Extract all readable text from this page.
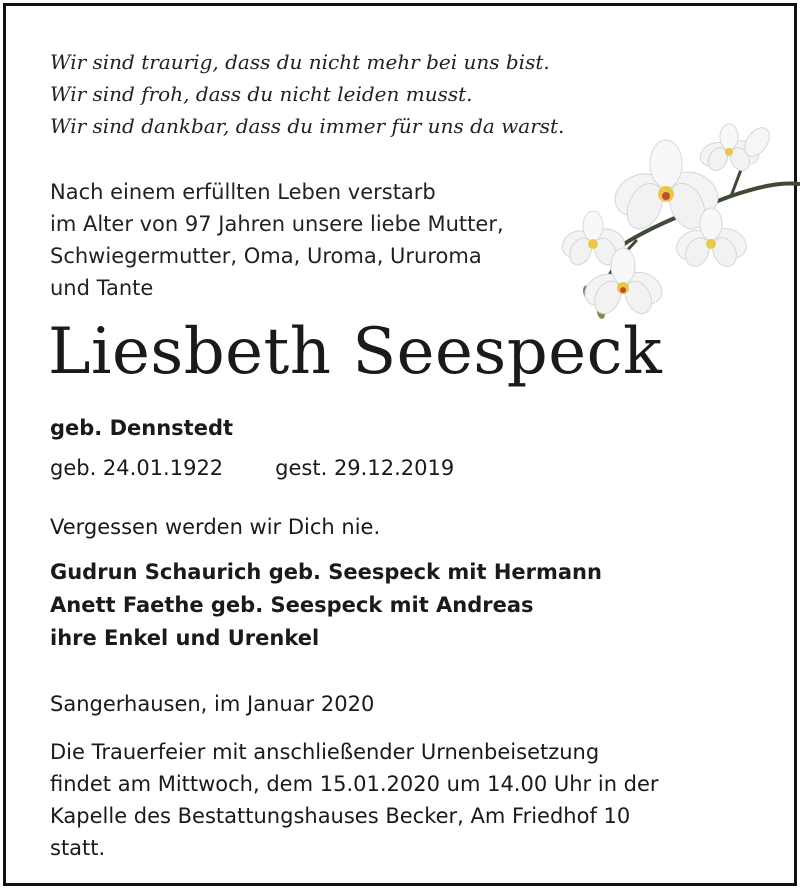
Wir sind traurig, dass du nicht mehr bei uns bist.
Wir sind froh, dass du nicht leiden musst.
Wir sind dankbar, dass du immer für uns da warst.
Nach einem erfüllten Leben verstarb
im Alter von 97 Jahren unsere liebe Mutter,
Schwiegermutter, Oma, Uroma, Ururoma
und Tante
Liesbeth Seespeck
geb. Dennstedt
geb. 24.01.1922 gest. 29.12.2019
Vergessen werden wir Dich nie.
Gudrun Schaurich geb. Seespeck mit Hermann
Anett Faethe geb. Seespeck mit Andreas
ihre Enkel und Urenkel
Sangerhausen, im Januar 2020
Die Trauerfeier mit anschließender Urnenbeisetzung
findet am Mittwoch, dem 15.01.2020 um 14.00 Uhr in der
Kapelle des Bestattungshauses Becker, Am Friedhof 10
statt.
